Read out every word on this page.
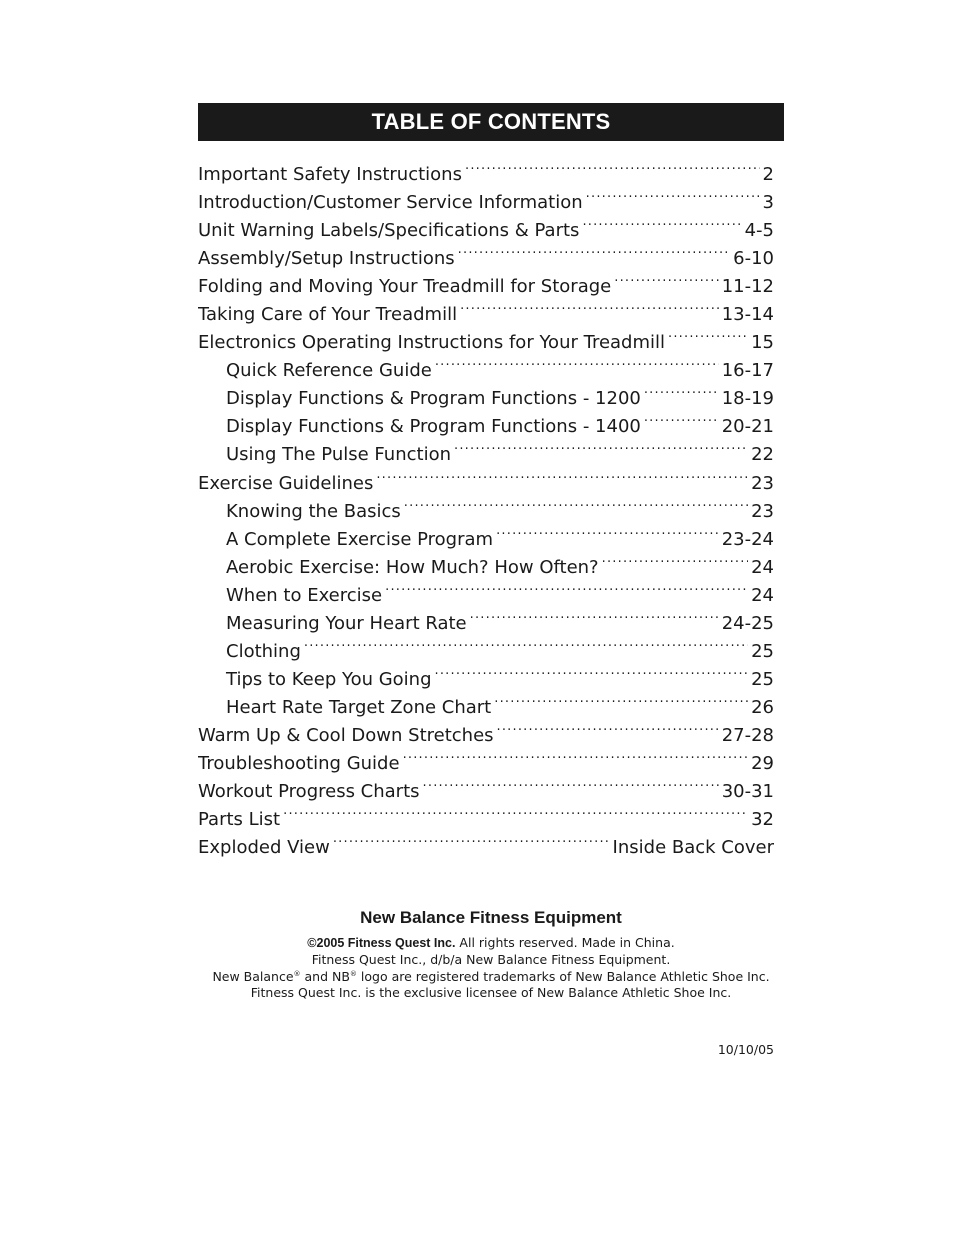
TABLE OF CONTENTS
Important Safety Instructions .....	2
Introduction/Customer Service Information .....	3
Unit Warning Labels/Specifications & Parts .....	4-5
Assembly/Setup Instructions .....	6-10
Folding and Moving Your Treadmill for Storage .....	11-12
Taking Care of Your Treadmill .....	13-14
Electronics Operating Instructions for Your Treadmill .....	15
Quick Reference Guide .....	16-17
Display Functions & Program Functions - 1200 .....	18-19
Display Functions & Program Functions - 1400 .....	20-21
Using The Pulse Function .....	22
Exercise Guidelines .....	23
Knowing the Basics .....	23
A Complete Exercise Program .....	23-24
Aerobic Exercise: How Much? How Often? .....	24
When to Exercise .....	24
Measuring Your Heart Rate .....	24-25
Clothing .....	25
Tips to Keep You Going .....	25
Heart Rate Target Zone Chart .....	26
Warm Up & Cool Down Stretches .....	27-28
Troubleshooting Guide .....	29
Workout Progress Charts .....	30-31
Parts List .....	32
Exploded View .....	Inside Back Cover
New Balance Fitness Equipment
©2005 Fitness Quest Inc. All rights reserved. Made in China.
Fitness Quest Inc., d/b/a New Balance Fitness Equipment.
New Balance® and NB® logo are registered trademarks of New Balance Athletic Shoe Inc.
Fitness Quest Inc. is the exclusive licensee of New Balance Athletic Shoe Inc.
10/10/05
